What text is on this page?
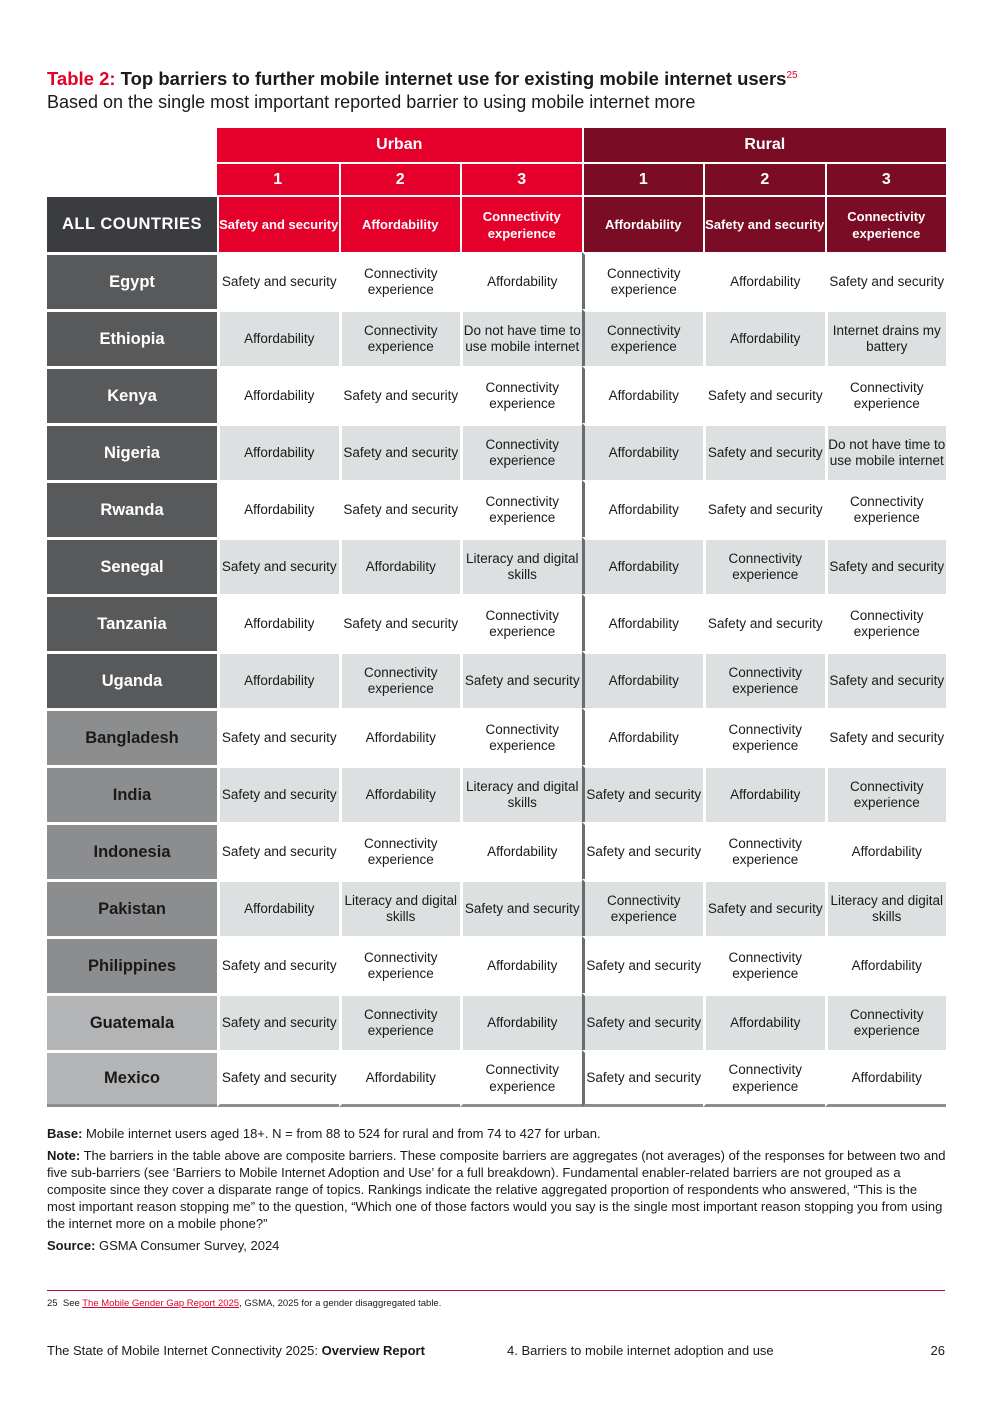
Table 2: Top barriers to further mobile internet use for existing mobile internet users$^{25}$
Based on the single most important reported barrier to using mobile internet more
	Urban			Rural		
	1	2	3	1	2	3
ALL COUNTRIES	Safety and security	Affordability	Connectivity experience	Affordability	Safety and security	Connectivity experience
Egypt	Safety and security	Connectivity experience	Affordability	Connectivity experience	Affordability	Safety and security
Ethiopia	Affordability	Connectivity experience	Do not have time to use mobile internet	Connectivity experience	Affordability	Internet drains my battery
Kenya	Affordability	Safety and security	Connectivity experience	Affordability	Safety and security	Connectivity experience
Nigeria	Affordability	Safety and security	Connectivity experience	Affordability	Safety and security	Do not have time to use mobile internet
Rwanda	Affordability	Safety and security	Connectivity experience	Affordability	Safety and security	Connectivity experience
Senegal	Safety and security	Affordability	Literacy and digital skills	Affordability	Connectivity experience	Safety and security
Tanzania	Affordability	Safety and security	Connectivity experience	Affordability	Safety and security	Connectivity experience
Uganda	Affordability	Connectivity experience	Safety and security	Affordability	Connectivity experience	Safety and security
Bangladesh	Safety and security	Affordability	Connectivity experience	Affordability	Connectivity experience	Safety and security
India	Safety and security	Affordability	Literacy and digital skills	Safety and security	Affordability	Connectivity experience
Indonesia	Safety and security	Connectivity experience	Affordability	Safety and security	Connectivity experience	Affordability
Pakistan	Affordability	Literacy and digital skills	Safety and security	Connectivity experience	Safety and security	Literacy and digital skills
Philippines	Safety and security	Connectivity experience	Affordability	Safety and security	Connectivity experience	Affordability
Guatemala	Safety and security	Connectivity experience	Affordability	Safety and security	Affordability	Connectivity experience
Mexico	Safety and security	Affordability	Connectivity experience	Safety and security	Connectivity experience	Affordability

Base: Mobile internet users aged 18+. N = from 88 to 524 for rural and from 74 to 427 for urban.

Note: The barriers in the table above are composite barriers. These composite barriers are aggregates (not averages) of the responses for between two and five sub-barriers (see ‘Barriers to Mobile Internet Adoption and Use’ for a full breakdown). Fundamental enabler-related barriers are not grouped as a composite since they cover a disparate range of topics. Rankings indicate the relative aggregated proportion of respondents who answered, “This is the most important reason stopping me” to the question, “Which one of those factors would you say is the single most important reason stopping you from using the internet more on a mobile phone?”

Source: GSMA Consumer Survey, 2024

25 See The Mobile Gender Gap Report 2025, GSMA, 2025 for a gender disaggregated table.
The State of Mobile Internet Connectivity 2025: Overview Report	4. Barriers to mobile internet adoption and use	26
